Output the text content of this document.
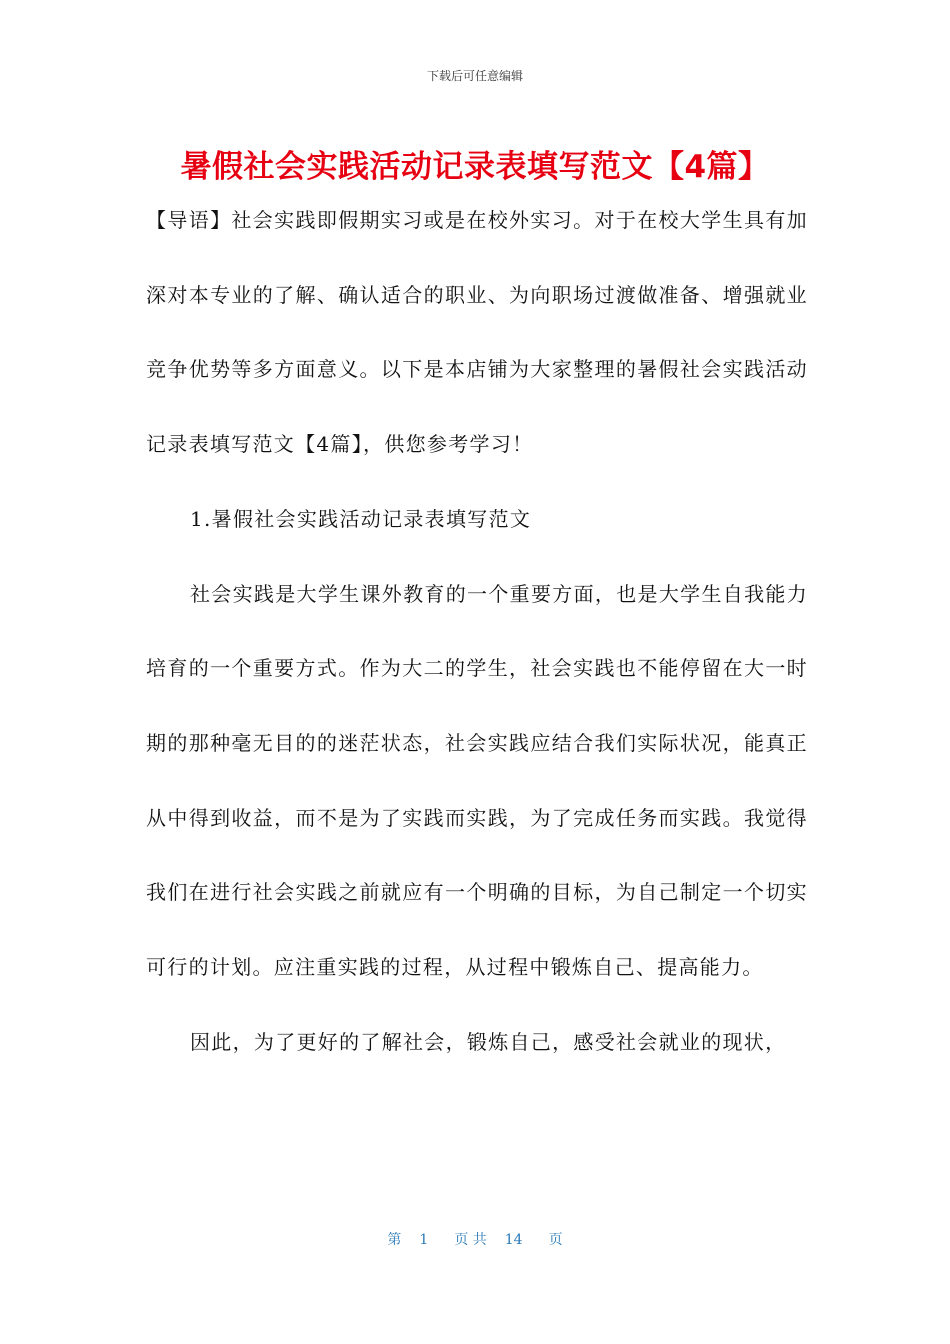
下载后可任意编辑
暑假社会实践活动记录表填写范文【4篇】

【导语】社会实践即假期实习或是在校外实习。对于在校大学生具有加深对本专业的了解、确认适合的职业、为向职场过渡做准备、增强就业竞争优势等多方面意义。以下是本店铺为大家整理的暑假社会实践活动记录表填写范文【4篇】，供您参考学习！

1.暑假社会实践活动记录表填写范文

社会实践是大学生课外教育的一个重要方面，也是大学生自我能力培育的一个重要方式。作为大二的学生，社会实践也不能停留在大一时期的那种毫无目的的迷茫状态，社会实践应结合我们实际状况，能真正从中得到收益，而不是为了实践而实践，为了完成任务而实践。我觉得我们在进行社会实践之前就应有一个明确的目标，为自己制定一个切实可行的计划。应注重实践的过程，从过程中锻炼自己、提高能力。

因此，为了更好的了解社会，锻炼自己，感受社会就业的现状，

第 1 页 共 14 页
